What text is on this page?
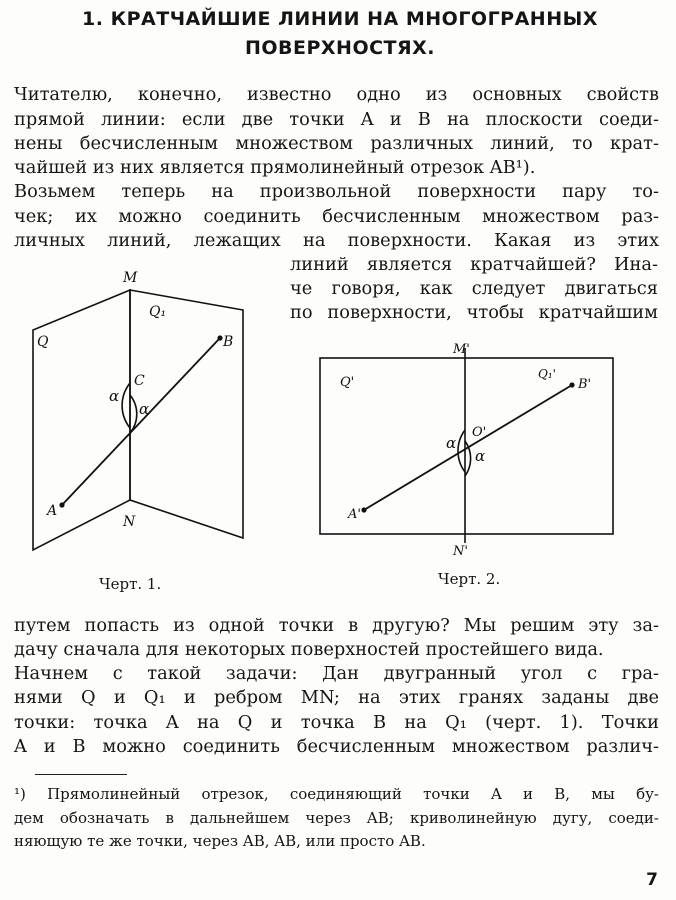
1. КРАТЧАЙШИЕ ЛИНИИ НА МНОГОГРАННЫХ
ПОВЕРХНОСТЯХ.
Читателю, конечно, известно одно из основных свойств
прямой линии: если две точки A и B на плоскости соеди-
нены бесчисленным множеством различных линий, то крат-
чайшей из них является прямолинейный отрезок AB¹).
Возьмем теперь на произвольной поверхности пару то-
чек; их можно соединить бесчисленным множеством раз-
личных линий, лежащих на поверхности. Какая из этих
линий является кратчайшей? Ина-
че говоря, как следует двигаться
по поверхности, чтобы кратчайшим
M
N
Q
Q₁
A
B
C
α
α
Черт. 1.
M'
N'
Q'
Q₁'
A'
B'
O'
α
α
Черт. 2.
путем попасть из одной точки в другую? Мы решим эту за-
дачу сначала для некоторых поверхностей простейшего вида.
Начнем с такой задачи: Дан двугранный угол с гра-
нями Q и Q₁ и ребром MN; на этих гранях заданы две
точки: точка A на Q и точка B на Q₁ (черт. 1). Точки
A и B можно соединить бесчисленным множеством различ-
¹) Прямолинейный отрезок, соединяющий точки A и B, мы бу-
дем обозначать в дальнейшем через AB; криволинейную дугу, соеди-
няющую те же точки, через AB, AB, или просто AB.
7
